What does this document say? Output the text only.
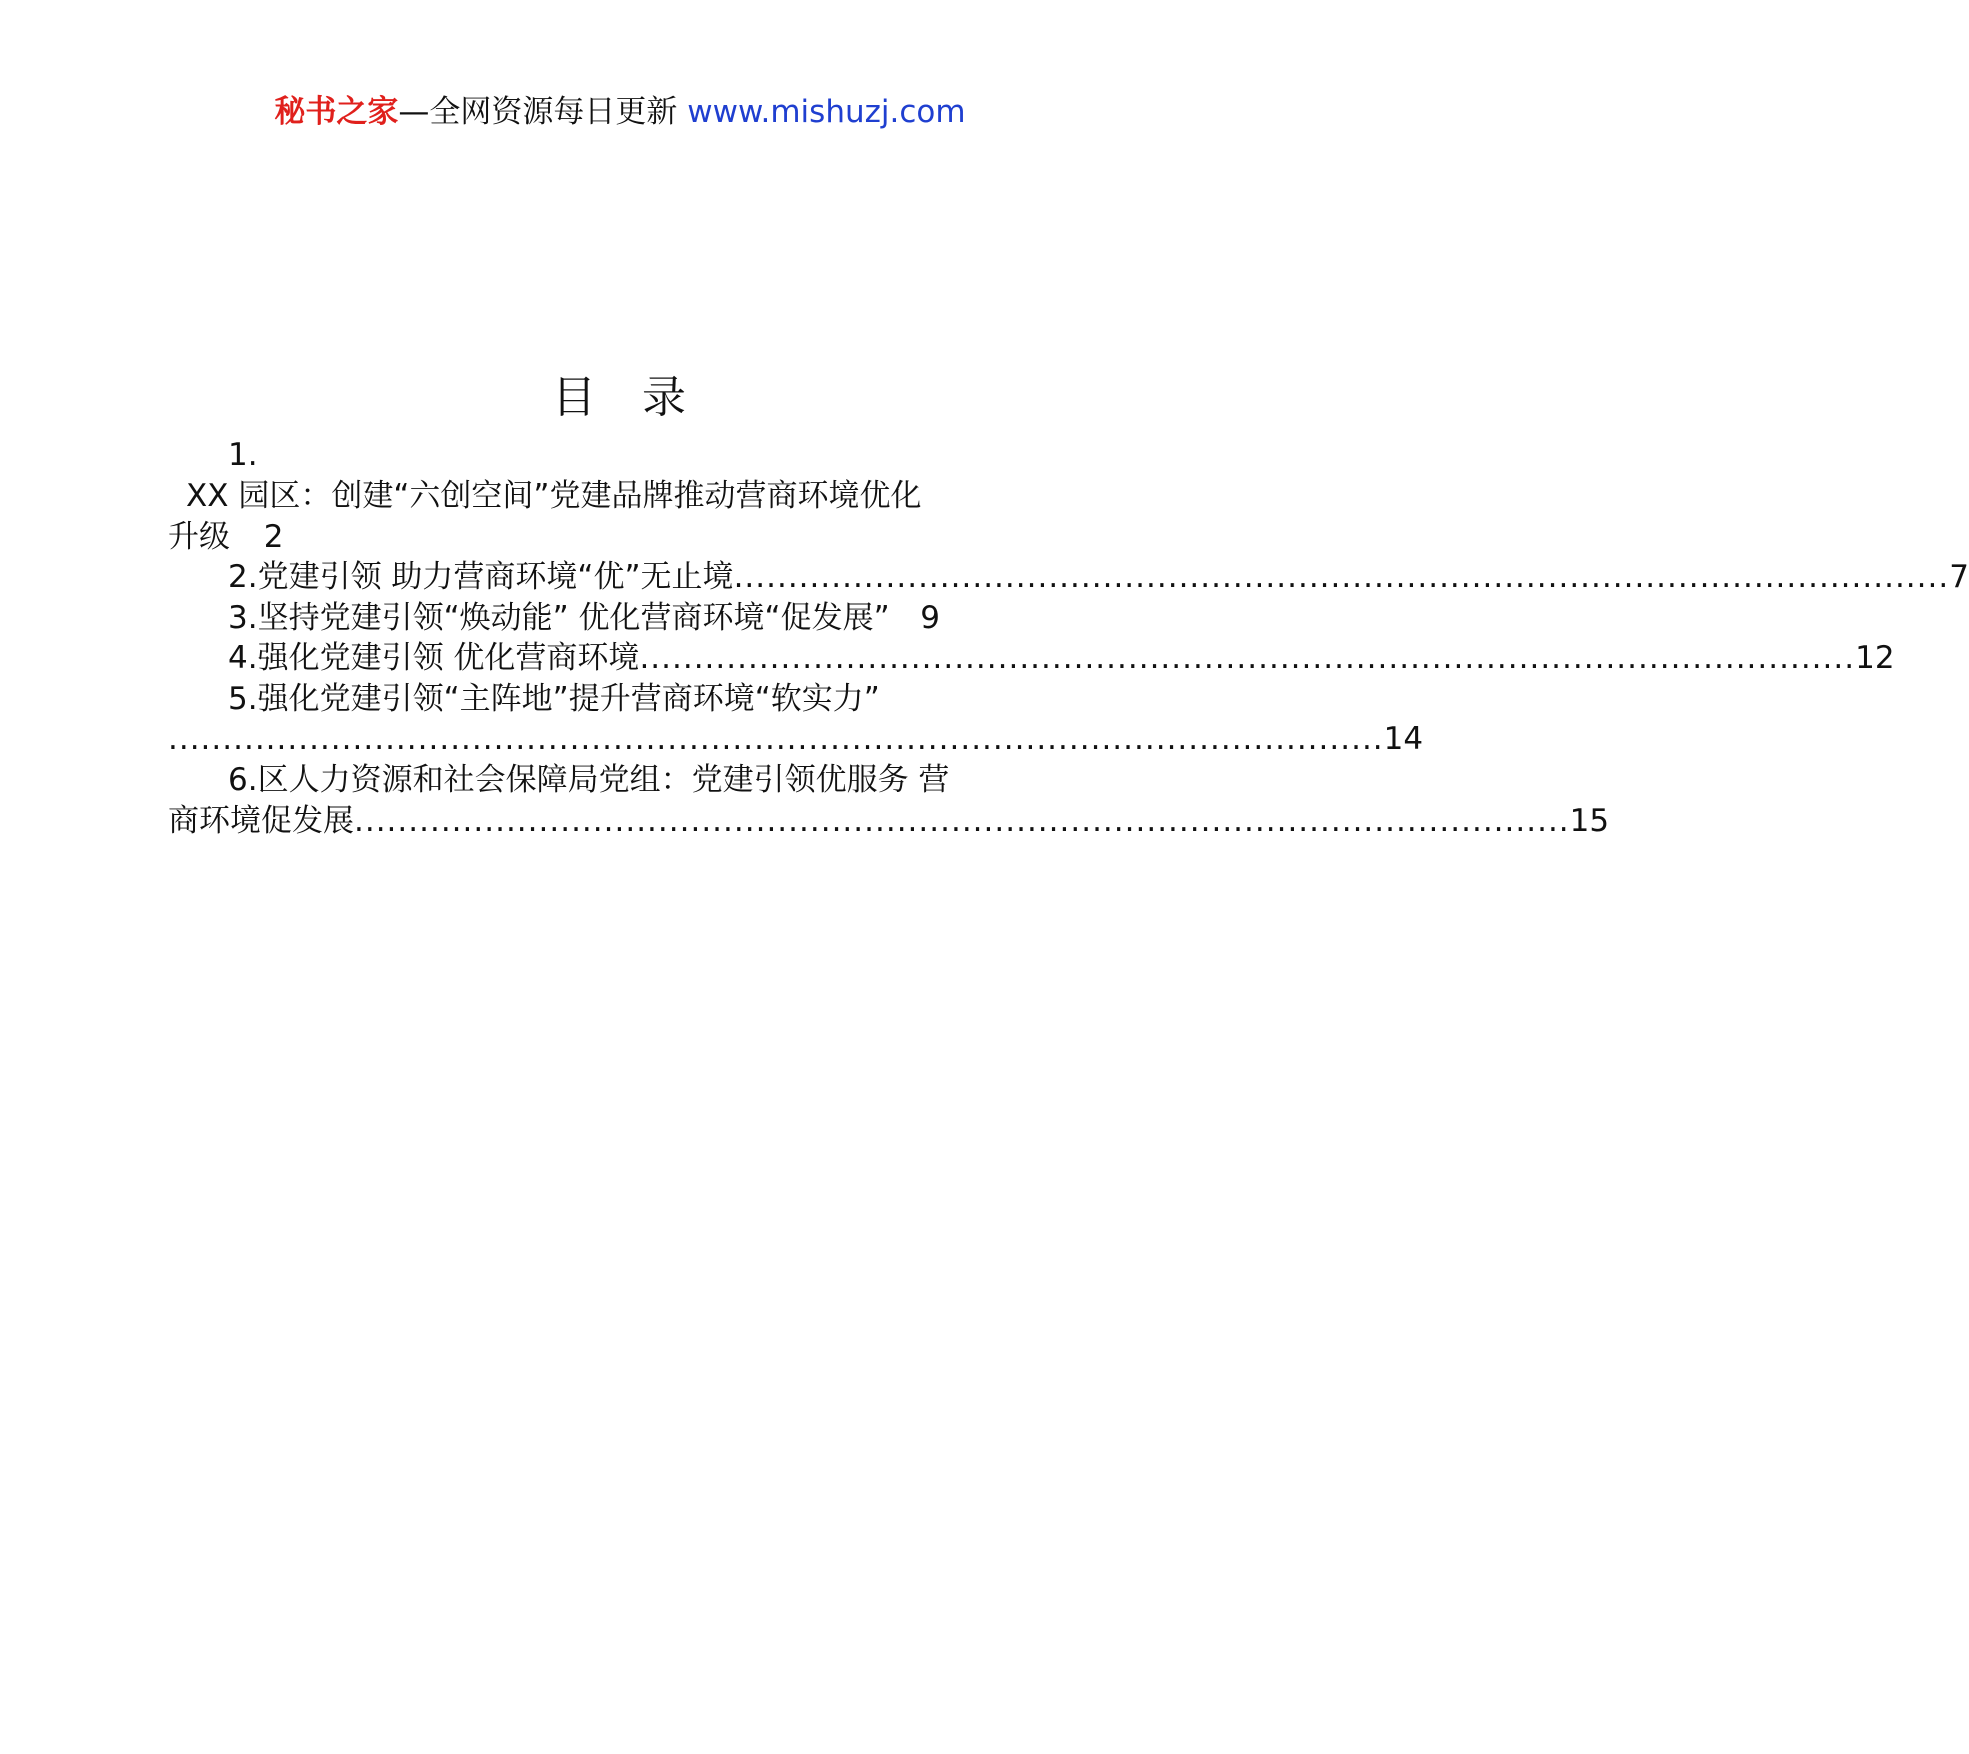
秘书之家—全网资源每日更新 www.mishuzj.com
目 录
1.
XX 园区：创建“六创空间”党建品牌推动营商环境优化
升级 2
2.党建引领 助力营商环境“优”无止境 ................................................................................................................ 7
3.坚持党建引领“焕动能” 优化营商环境“促发展” 9
4.强化党建引领 优化营商环境 ................................................................................................................ 12
5.强化党建引领“主阵地”提升营商环境“软实力”
................................................................................................................ 14
6.区人力资源和社会保障局党组：党建引领优服务 营
商环境促发展 ................................................................................................................ 15
